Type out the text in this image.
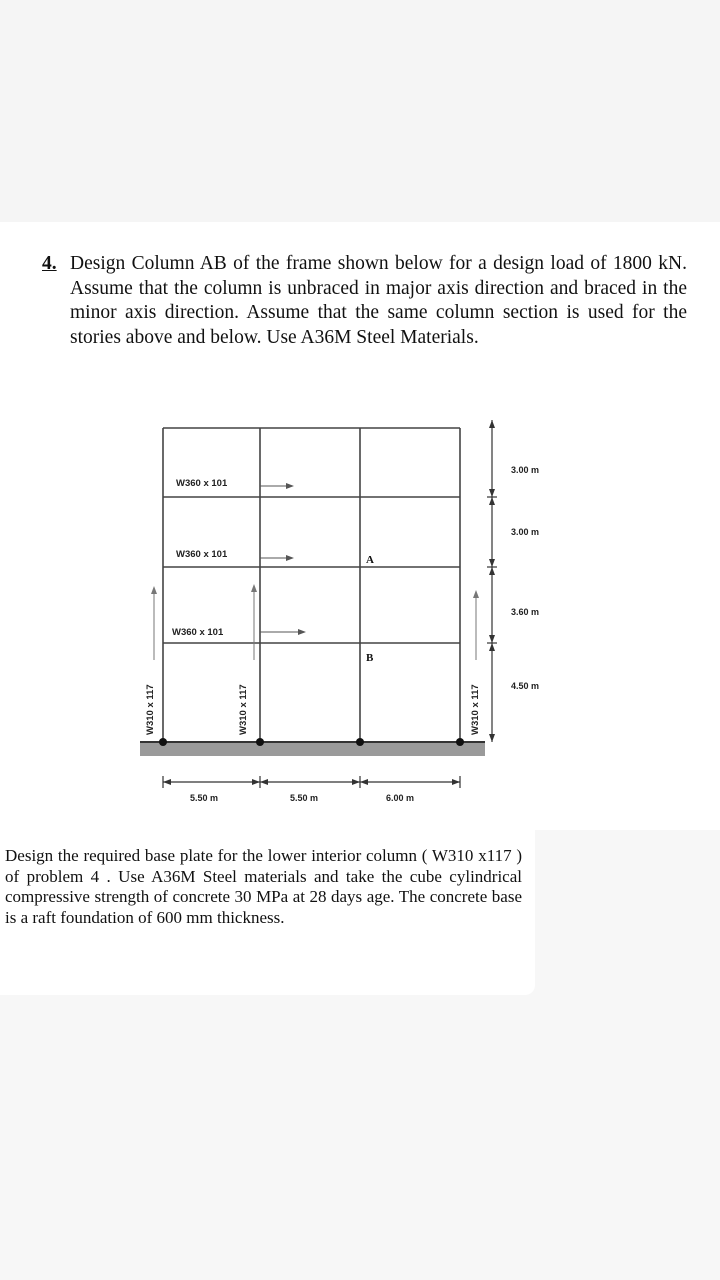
4. Design Column AB of the frame shown below for a design load of 1800 kN. Assume that the column is unbraced in major axis direction and braced in the minor axis direction. Assume that the same column section is used for the stories above and below. Use A36M Steel Materials.
W360 x 101
W360 x 101
W360 x 101
W310 x 117	W310 x 117	W310 x 117
A
B
3.00 m
3.00 m
3.60 m
4.50 m
5.50 m	5.50 m	6.00 m

Design the required base plate for the lower interior column ( W310 x117 ) of problem 4 . Use A36M Steel materials and take the cube cylindrical compressive strength of concrete 30 MPa at 28 days age. The concrete base is a raft foundation of 600 mm thickness.
